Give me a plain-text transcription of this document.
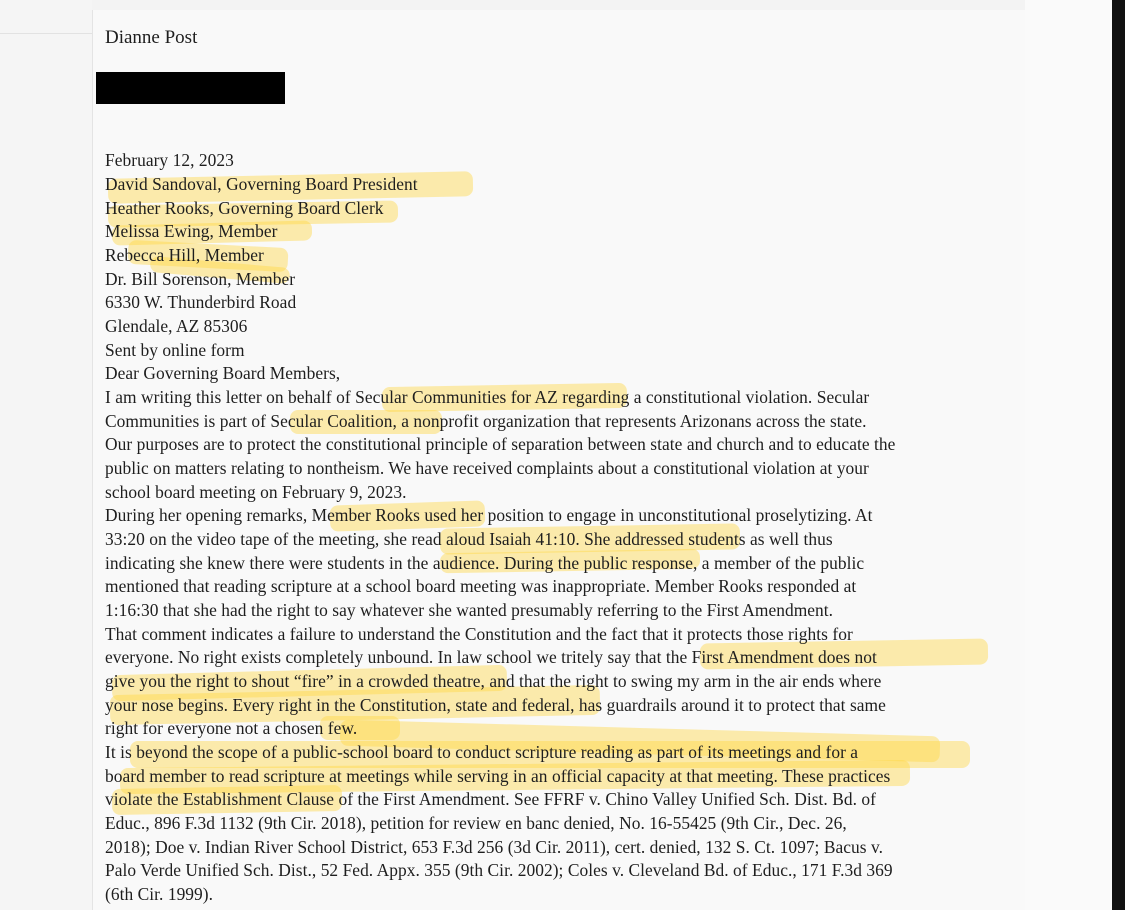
Dianne Post
February 12, 2023
David Sandoval, Governing Board President
Heather Rooks, Governing Board Clerk
Melissa Ewing, Member
Rebecca Hill, Member
Dr. Bill Sorenson, Member
6330 W. Thunderbird Road
Glendale, AZ 85306
Sent by online form
Dear Governing Board Members,
I am writing this letter on behalf of Secular Communities for AZ regarding a constitutional violation. Secular
Communities is part of Secular Coalition, a nonprofit organization that represents Arizonans across the state.
Our purposes are to protect the constitutional principle of separation between state and church and to educate the
public on matters relating to nontheism. We have received complaints about a constitutional violation at your
school board meeting on February 9, 2023.
During her opening remarks, Member Rooks used her position to engage in unconstitutional proselytizing. At
33:20 on the video tape of the meeting, she read aloud Isaiah 41:10. She addressed students as well thus
indicating she knew there were students in the audience. During the public response, a member of the public
mentioned that reading scripture at a school board meeting was inappropriate. Member Rooks responded at
1:16:30 that she had the right to say whatever she wanted presumably referring to the First Amendment.
That comment indicates a failure to understand the Constitution and the fact that it protects those rights for
everyone. No right exists completely unbound. In law school we tritely say that the First Amendment does not
give you the right to shout “fire” in a crowded theatre, and that the right to swing my arm in the air ends where
your nose begins. Every right in the Constitution, state and federal, has guardrails around it to protect that same
right for everyone not a chosen few.
It is beyond the scope of a public-school board to conduct scripture reading as part of its meetings and for a
board member to read scripture at meetings while serving in an official capacity at that meeting. These practices
violate the Establishment Clause of the First Amendment. See FFRF v. Chino Valley Unified Sch. Dist. Bd. of
Educ., 896 F.3d 1132 (9th Cir. 2018), petition for review en banc denied, No. 16-55425 (9th Cir., Dec. 26,
2018); Doe v. Indian River School District, 653 F.3d 256 (3d Cir. 2011), cert. denied, 132 S. Ct. 1097; Bacus v.
Palo Verde Unified Sch. Dist., 52 Fed. Appx. 355 (9th Cir. 2002); Coles v. Cleveland Bd. of Educ., 171 F.3d 369
(6th Cir. 1999).
